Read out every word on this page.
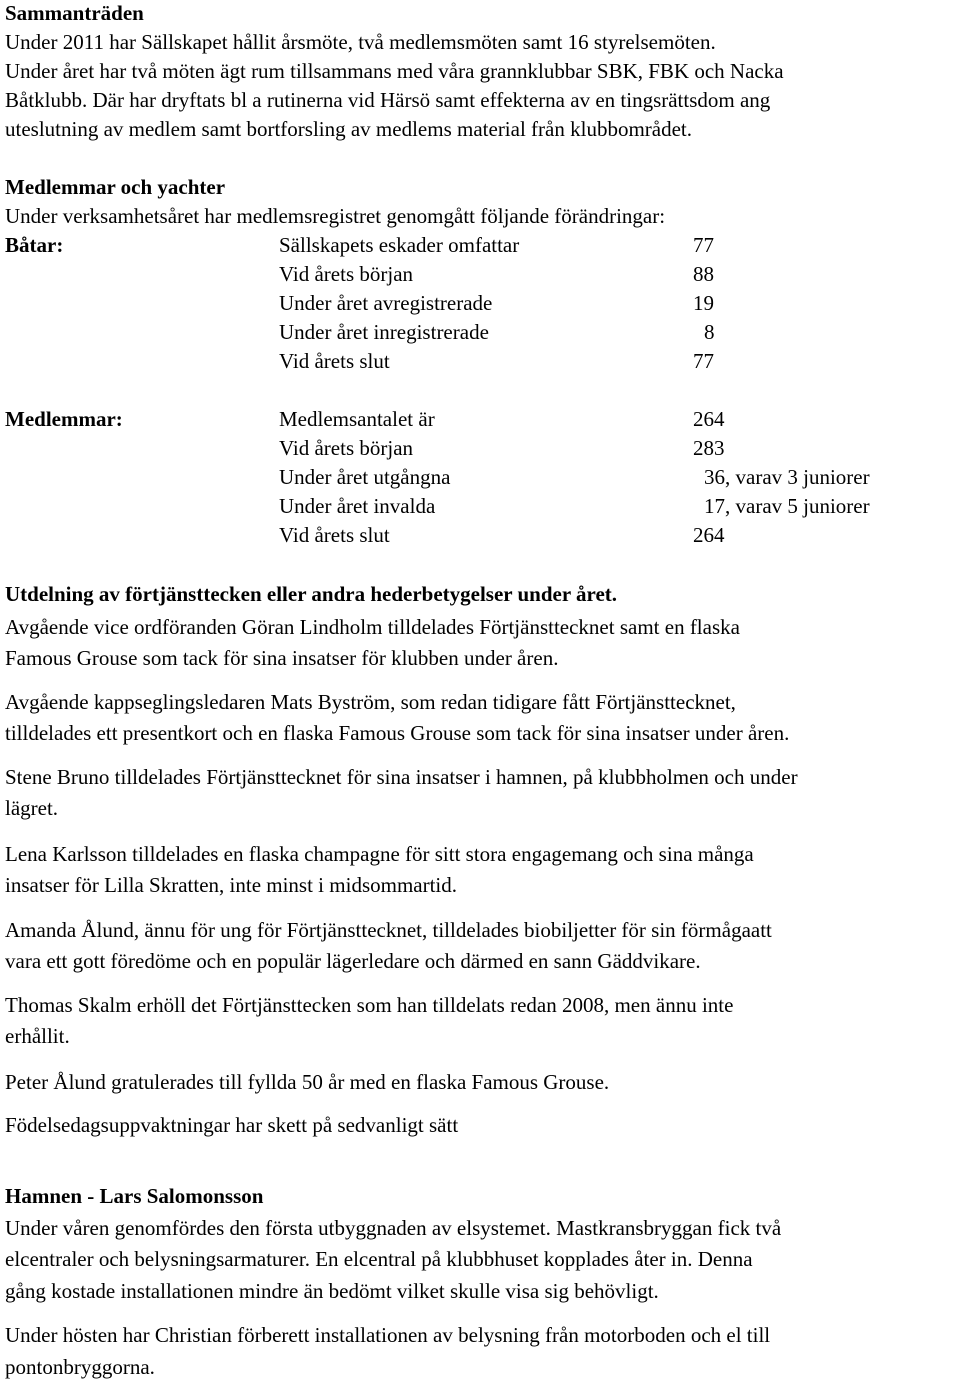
Sammanträden
Under 2011 har Sällskapet hållit årsmöte, två medlemsmöten samt 16 styrelsemöten.
Under året har två möten ägt rum tillsammans med våra grannklubbar SBK, FBK och Nacka
Båtklubb. Där har dryftats bl a rutinerna vid Härsö samt effekterna av en tingsrättsdom ang
uteslutning av medlem samt bortforsling av medlems material från klubbområdet.
Medlemmar och yachter
Under verksamhetsåret har medlemsregistret genomgått följande förändringar:
Båtar:	Sällskapets eskader omfattar	77
Vid årets början	88
Under året avregistrerade	19
Under året inregistrerade	8
Vid årets slut	77
Medlemmar:	Medlemsantalet är	264
Vid årets början	283
Under året utgångna	36, varav 3 juniorer
Under året invalda	17, varav 5 juniorer
Vid årets slut	264
Utdelning av förtjänsttecken eller andra hederbetygelser under året.
Avgående vice ordföranden Göran Lindholm tilldelades Förtjänsttecknet samt en flaska
Famous Grouse som tack för sina insatser för klubben under åren.
Avgående kappseglingsledaren Mats Byström, som redan tidigare fått Förtjänsttecknet,
tilldelades ett presentkort och en flaska Famous Grouse som tack för sina insatser under åren.
Stene Bruno tilldelades Förtjänsttecknet för sina insatser i hamnen, på klubbholmen och under
lägret.
Lena Karlsson tilldelades en flaska champagne för sitt stora engagemang och sina många
insatser för Lilla Skratten, inte minst i midsommartid.
Amanda Ålund, ännu för ung för Förtjänsttecknet, tilldelades biobiljetter för sin förmågaatt
vara ett gott föredöme och en populär lägerledare och därmed en sann Gäddvikare.
Thomas Skalm erhöll det Förtjänsttecken som han tilldelats redan 2008, men ännu inte
erhållit.
Peter Ålund gratulerades till fyllda 50 år med en flaska Famous Grouse.
Födelsedagsuppvaktningar har skett på sedvanligt sätt
Hamnen - Lars Salomonsson
Under våren genomfördes den första utbyggnaden av elsystemet. Mastkransbryggan fick två
elcentraler och belysningsarmaturer. En elcentral på klubbhuset kopplades åter in. Denna
gång kostade installationen mindre än bedömt vilket skulle visa sig behövligt.
Under hösten har Christian förberett installationen av belysning från motorboden och el till
pontonbryggorna.
